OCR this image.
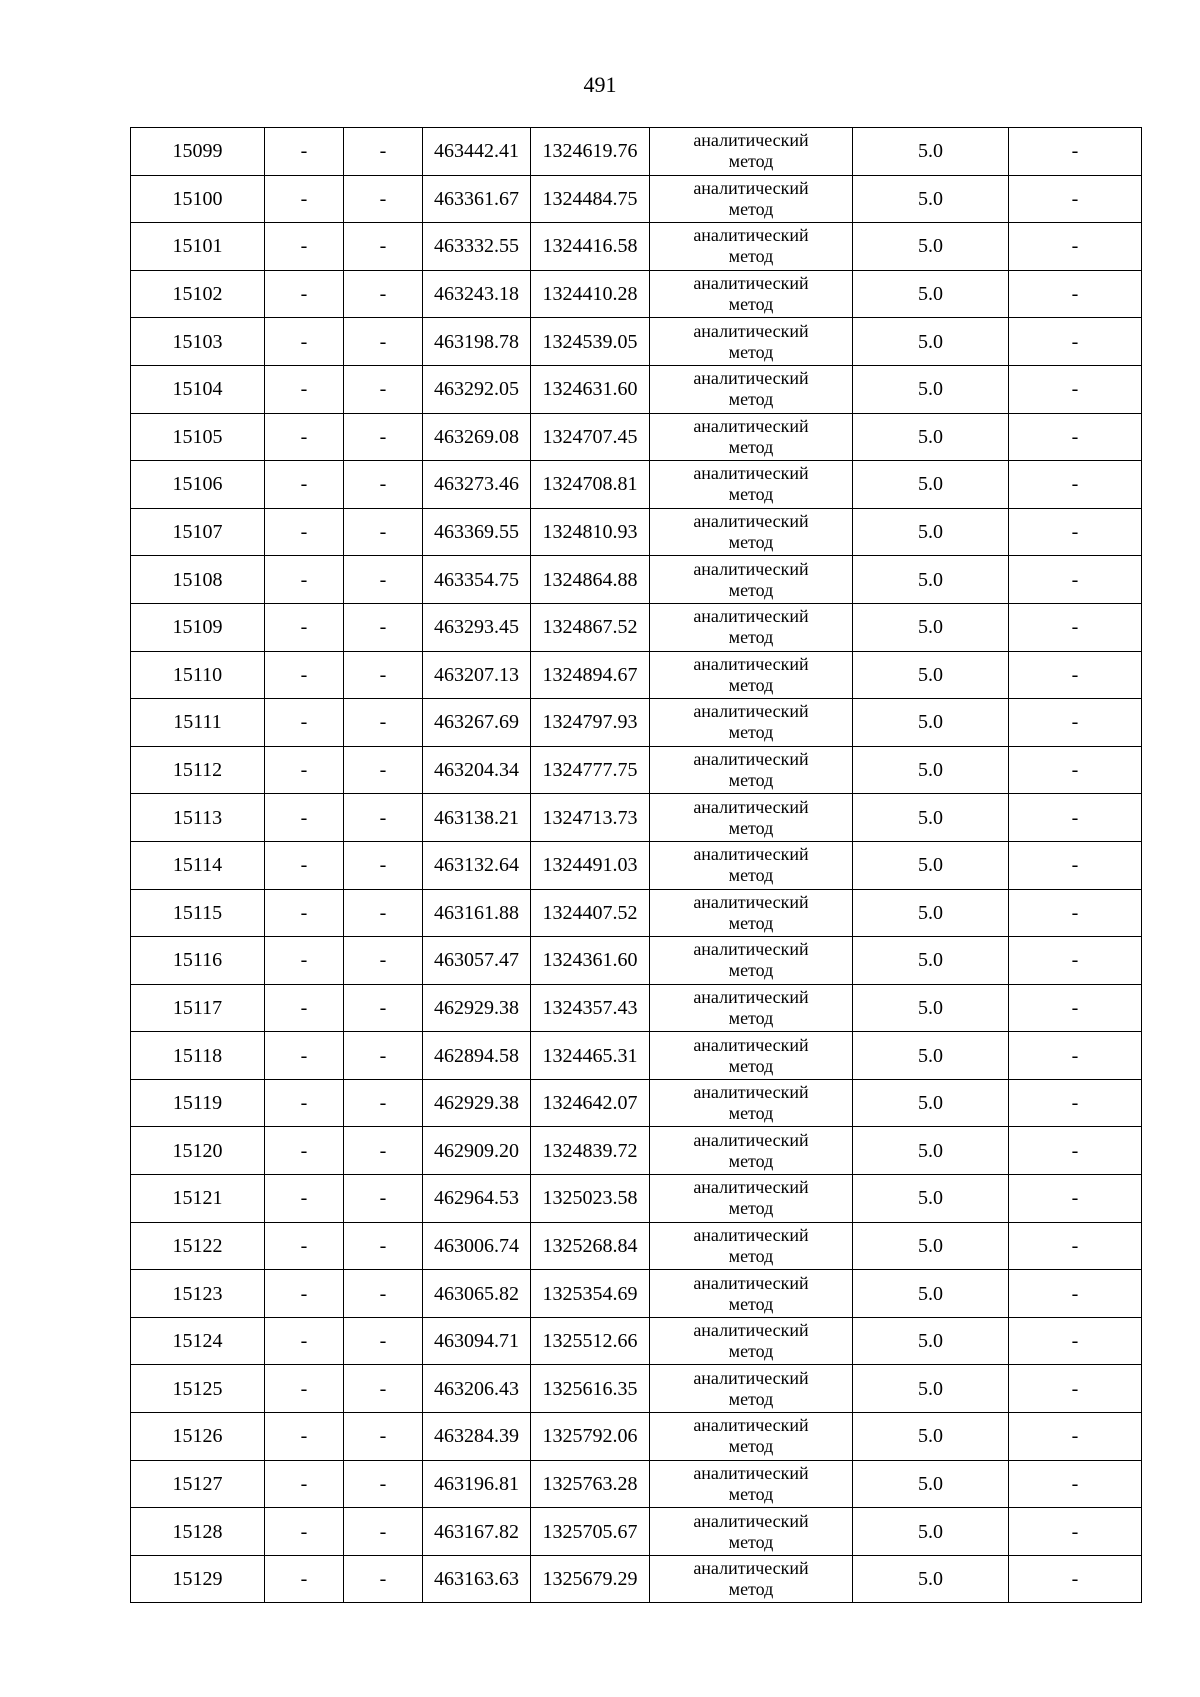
491
15099	-	-	463442.41	1324619.76	аналитический
метод	5.0	-
15100	-	-	463361.67	1324484.75	аналитический
метод	5.0	-
15101	-	-	463332.55	1324416.58	аналитический
метод	5.0	-
15102	-	-	463243.18	1324410.28	аналитический
метод	5.0	-
15103	-	-	463198.78	1324539.05	аналитический
метод	5.0	-
15104	-	-	463292.05	1324631.60	аналитический
метод	5.0	-
15105	-	-	463269.08	1324707.45	аналитический
метод	5.0	-
15106	-	-	463273.46	1324708.81	аналитический
метод	5.0	-
15107	-	-	463369.55	1324810.93	аналитический
метод	5.0	-
15108	-	-	463354.75	1324864.88	аналитический
метод	5.0	-
15109	-	-	463293.45	1324867.52	аналитический
метод	5.0	-
15110	-	-	463207.13	1324894.67	аналитический
метод	5.0	-
15111	-	-	463267.69	1324797.93	аналитический
метод	5.0	-
15112	-	-	463204.34	1324777.75	аналитический
метод	5.0	-
15113	-	-	463138.21	1324713.73	аналитический
метод	5.0	-
15114	-	-	463132.64	1324491.03	аналитический
метод	5.0	-
15115	-	-	463161.88	1324407.52	аналитический
метод	5.0	-
15116	-	-	463057.47	1324361.60	аналитический
метод	5.0	-
15117	-	-	462929.38	1324357.43	аналитический
метод	5.0	-
15118	-	-	462894.58	1324465.31	аналитический
метод	5.0	-
15119	-	-	462929.38	1324642.07	аналитический
метод	5.0	-
15120	-	-	462909.20	1324839.72	аналитический
метод	5.0	-
15121	-	-	462964.53	1325023.58	аналитический
метод	5.0	-
15122	-	-	463006.74	1325268.84	аналитический
метод	5.0	-
15123	-	-	463065.82	1325354.69	аналитический
метод	5.0	-
15124	-	-	463094.71	1325512.66	аналитический
метод	5.0	-
15125	-	-	463206.43	1325616.35	аналитический
метод	5.0	-
15126	-	-	463284.39	1325792.06	аналитический
метод	5.0	-
15127	-	-	463196.81	1325763.28	аналитический
метод	5.0	-
15128	-	-	463167.82	1325705.67	аналитический
метод	5.0	-
15129	-	-	463163.63	1325679.29	аналитический
метод	5.0	-
